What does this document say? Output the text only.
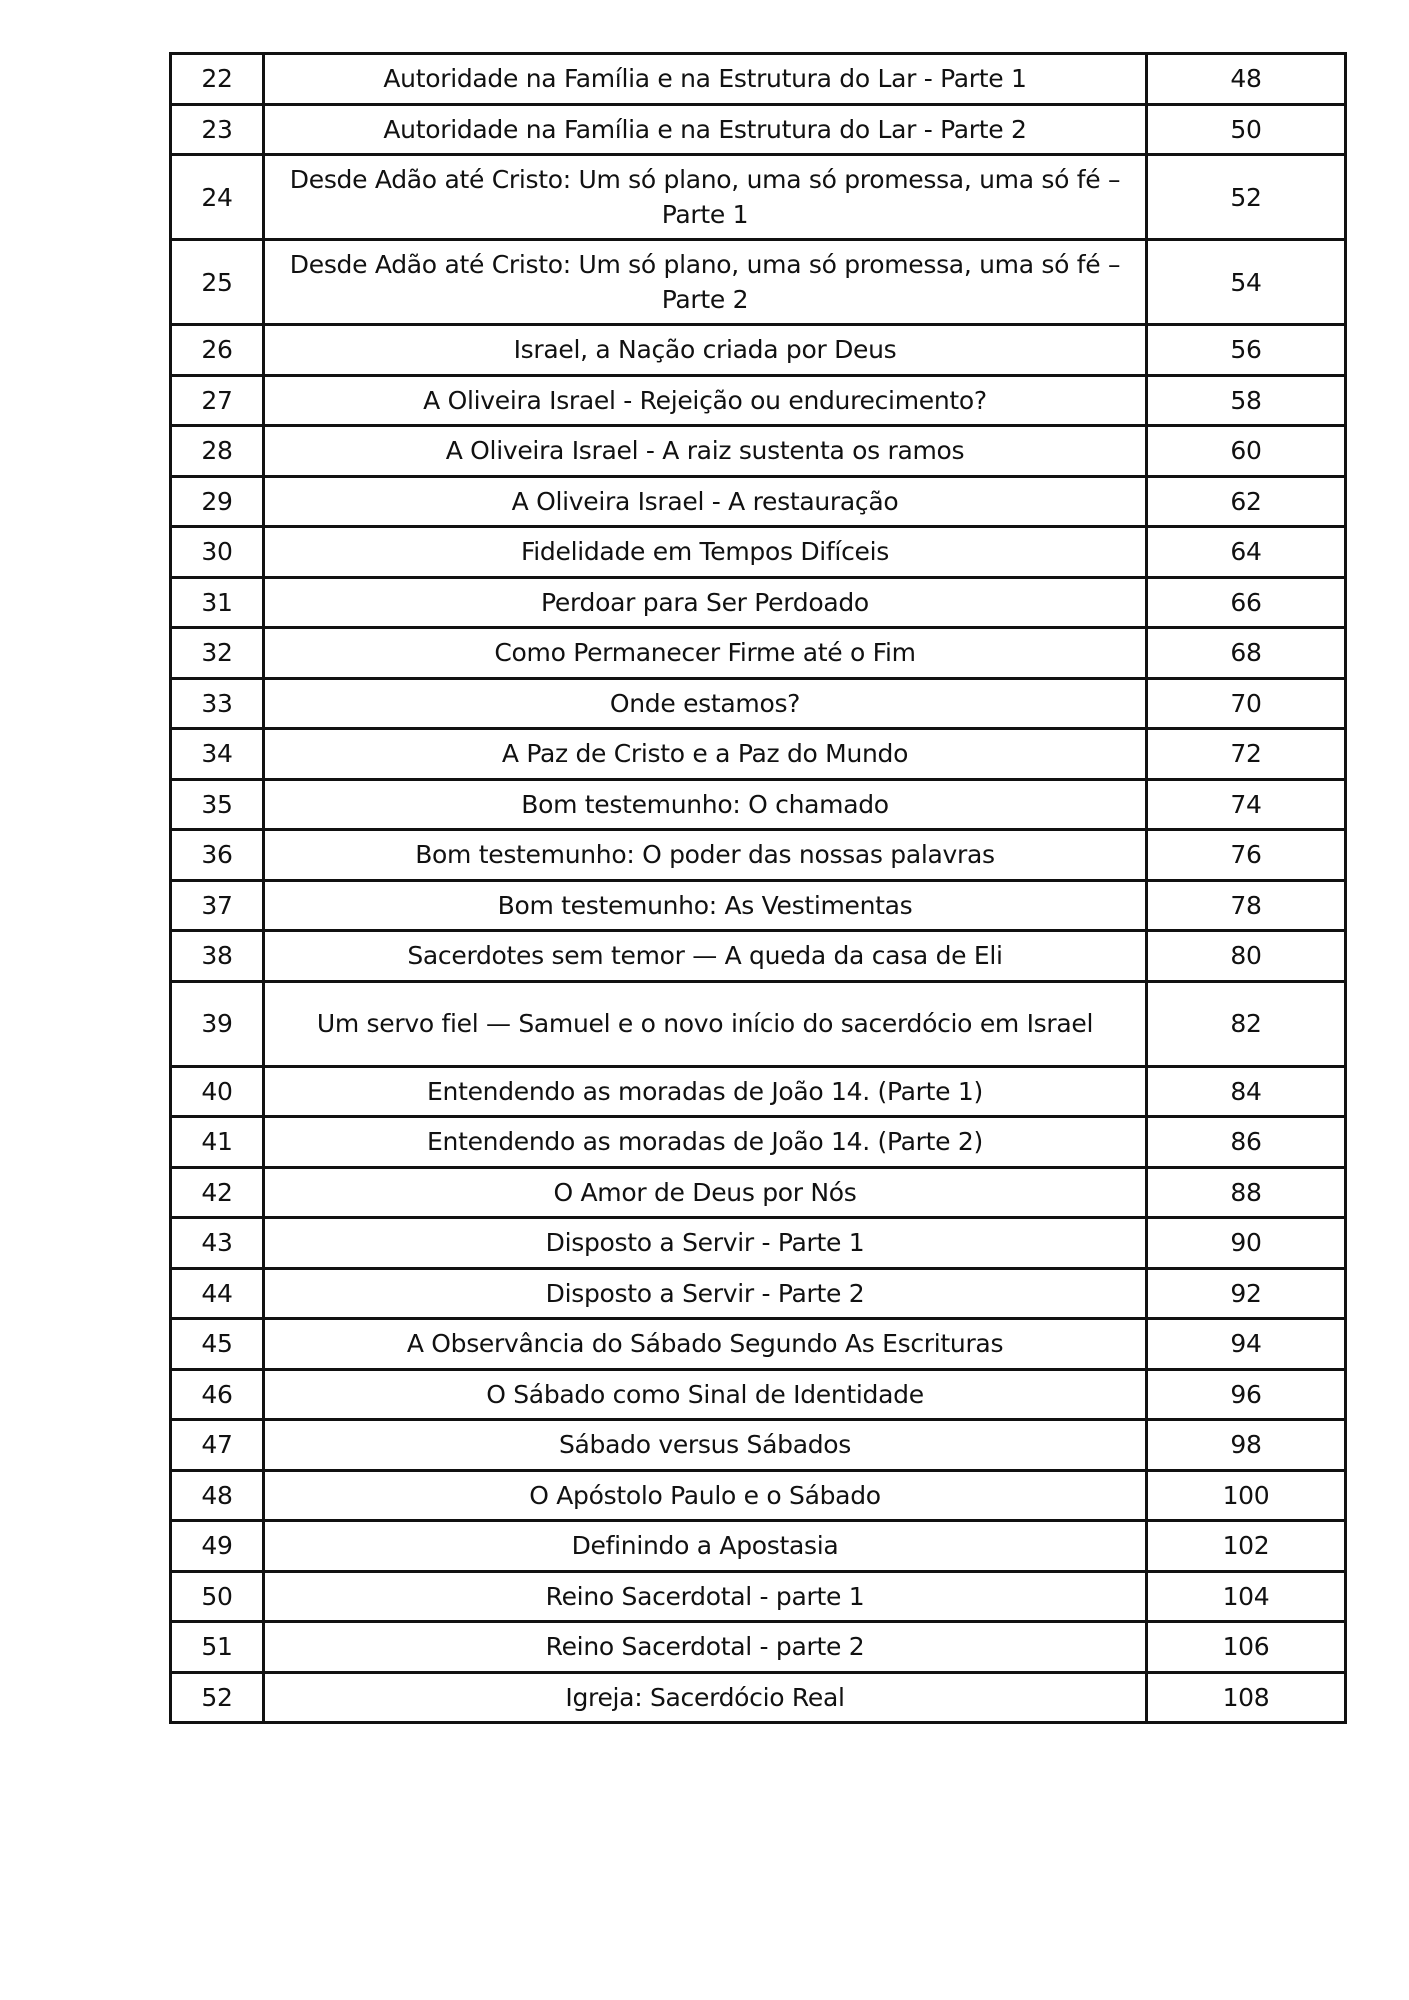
22	Autoridade na Família e na Estrutura do Lar - Parte 1	48
23	Autoridade na Família e na Estrutura do Lar - Parte 2	50
24	Desde Adão até Cristo: Um só plano, uma só promessa, uma só fé – Parte 1	52
25	Desde Adão até Cristo: Um só plano, uma só promessa, uma só fé – Parte 2	54
26	Israel, a Nação criada por Deus	56
27	A Oliveira Israel - Rejeição ou endurecimento?	58
28	A Oliveira Israel - A raiz sustenta os ramos	60
29	A Oliveira Israel - A restauração	62
30	Fidelidade em Tempos Difíceis	64
31	Perdoar para Ser Perdoado	66
32	Como Permanecer Firme até o Fim	68
33	Onde estamos?	70
34	A Paz de Cristo e a Paz do Mundo	72
35	Bom testemunho: O chamado	74
36	Bom testemunho: O poder das nossas palavras	76
37	Bom testemunho: As Vestimentas	78
38	Sacerdotes sem temor — A queda da casa de Eli	80
39	Um servo fiel — Samuel e o novo início do sacerdócio em Israel	82
40	Entendendo as moradas de João 14. (Parte 1)	84
41	Entendendo as moradas de João 14. (Parte 2)	86
42	O Amor de Deus por Nós	88
43	Disposto a Servir - Parte 1	90
44	Disposto a Servir - Parte 2	92
45	A Observância do Sábado Segundo As Escrituras	94
46	O Sábado como Sinal de Identidade	96
47	Sábado versus Sábados	98
48	O Apóstolo Paulo e o Sábado	100
49	Definindo a Apostasia	102
50	Reino Sacerdotal - parte 1	104
51	Reino Sacerdotal - parte 2	106
52	Igreja: Sacerdócio Real	108
